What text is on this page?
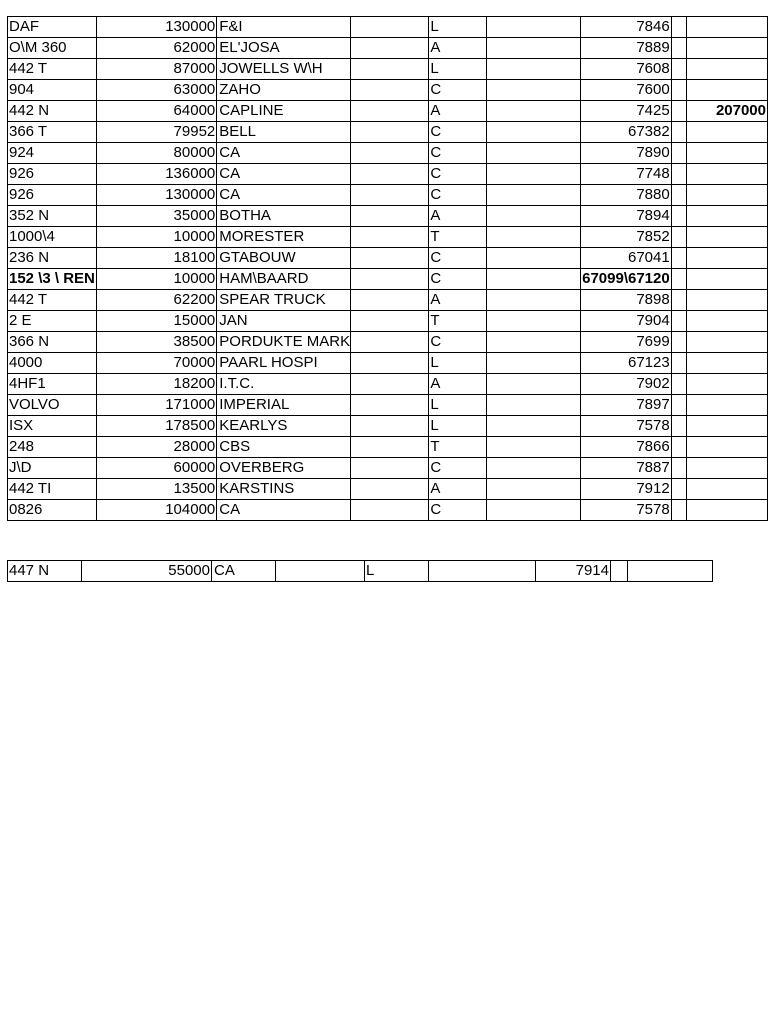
DAF	130000	F&I		L		7846		
O\M 360	62000	EL'JOSA		A		7889		
442 T	87000	JOWELLS W\H		L		7608		
904	63000	ZAHO		C		7600		
442 N	64000	CAPLINE		A		7425		207000
366 T	79952	BELL		C		67382		
924	80000	CA		C		7890		
926	136000	CA		C		7748		
926	130000	CA		C		7880		
352 N	35000	BOTHA		A		7894		
1000\4	10000	MORESTER		T		7852		
236 N	18100	GTABOUW		C		67041		
152 \3 \ REN	10000	HAM\BAARD		C		67099\67120		
442 T	62200	SPEAR TRUCK		A		7898		
2 E	15000	JAN		T		7904		
366 N	38500	PORDUKTE MARK		C		7699		
4000	70000	PAARL HOSPI		L		67123		
4HF1	18200	I.T.C.		A		7902		
VOLVO	171000	IMPERIAL		L		7897		
ISX	178500	KEARLYS		L		7578		
248	28000	CBS		T		7866		
J\D	60000	OVERBERG		C		7887		
442 TI	13500	KARSTINS		A		7912		
0826	104000	CA		C		7578		
447 N	55000	CA		L		7914		
